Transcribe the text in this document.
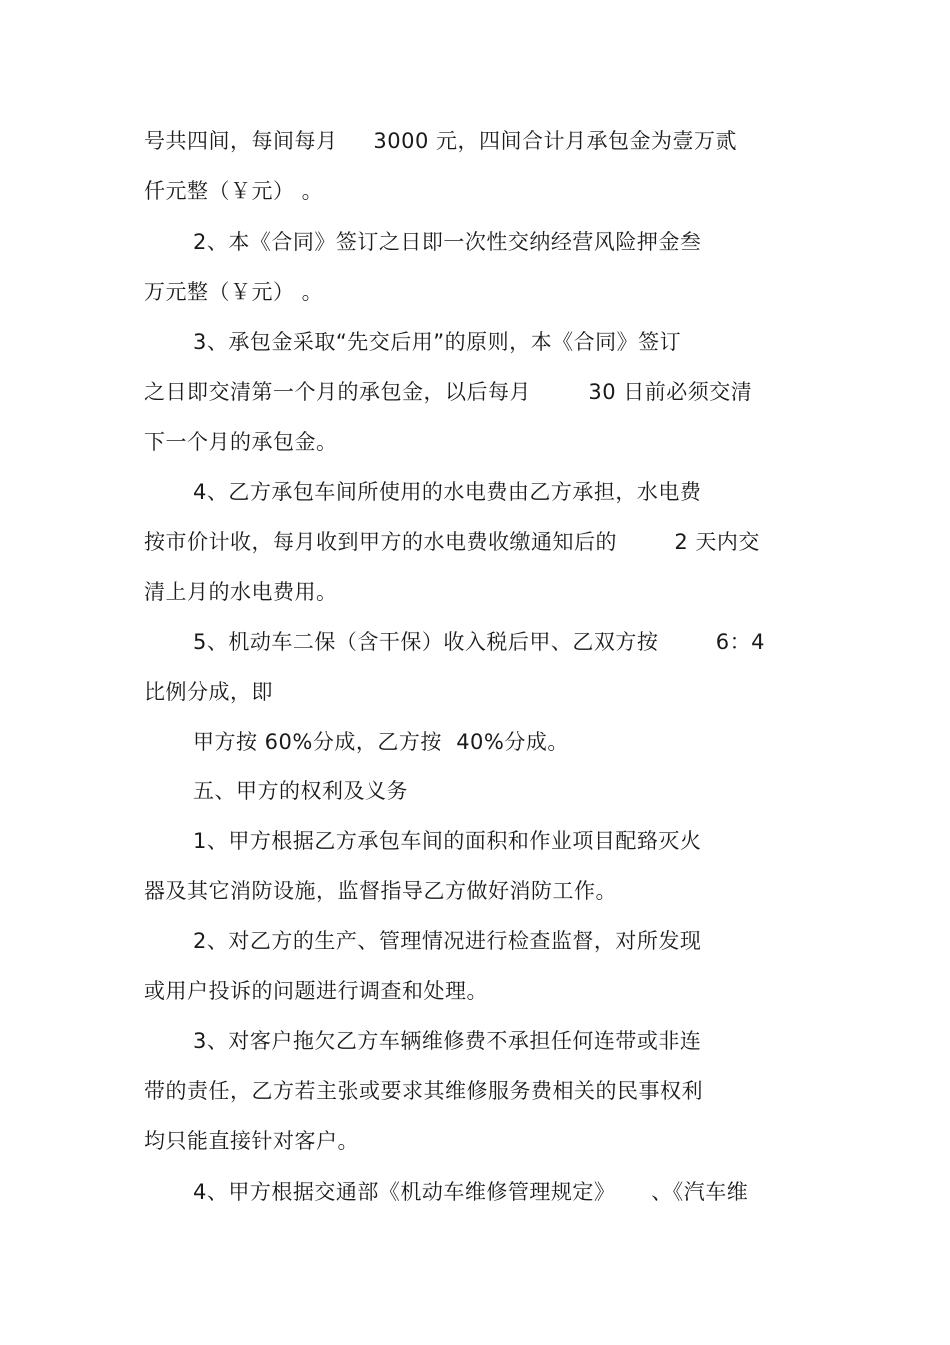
号共四间，每间每月     3000 元，四间合计月承包金为壹万贰
仟元整（￥元） 。
2、本《合同》签订之日即一次性交纳经营风险押金叁
万元整（￥元） 。
3、承包金采取“先交后用”的原则，本《合同》签订
之日即交清第一个月的承包金，以后每月        30 日前必须交清
下一个月的承包金。
4、乙方承包车间所使用的水电费由乙方承担，水电费
按市价计收，每月收到甲方的水电费收缴通知后的        2 天内交
清上月的水电费用。
5、机动车二保（含干保）收入税后甲、乙双方按        6：4
比例分成，即
甲方按 60%分成，乙方按  40%分成。
五、甲方的权利及义务
1、甲方根据乙方承包车间的面积和作业项目配臵灭火
器及其它消防设施，监督指导乙方做好消防工作。
2、对乙方的生产、管理情况进行检查监督，对所发现
或用户投诉的问题进行调查和处理。
3、对客户拖欠乙方车辆维修费不承担任何连带或非连
带的责任，乙方若主张或要求其维修服务费相关的民事权利
均只能直接针对客户。
4、甲方根据交通部《机动车维修管理规定》     、《汽车维
